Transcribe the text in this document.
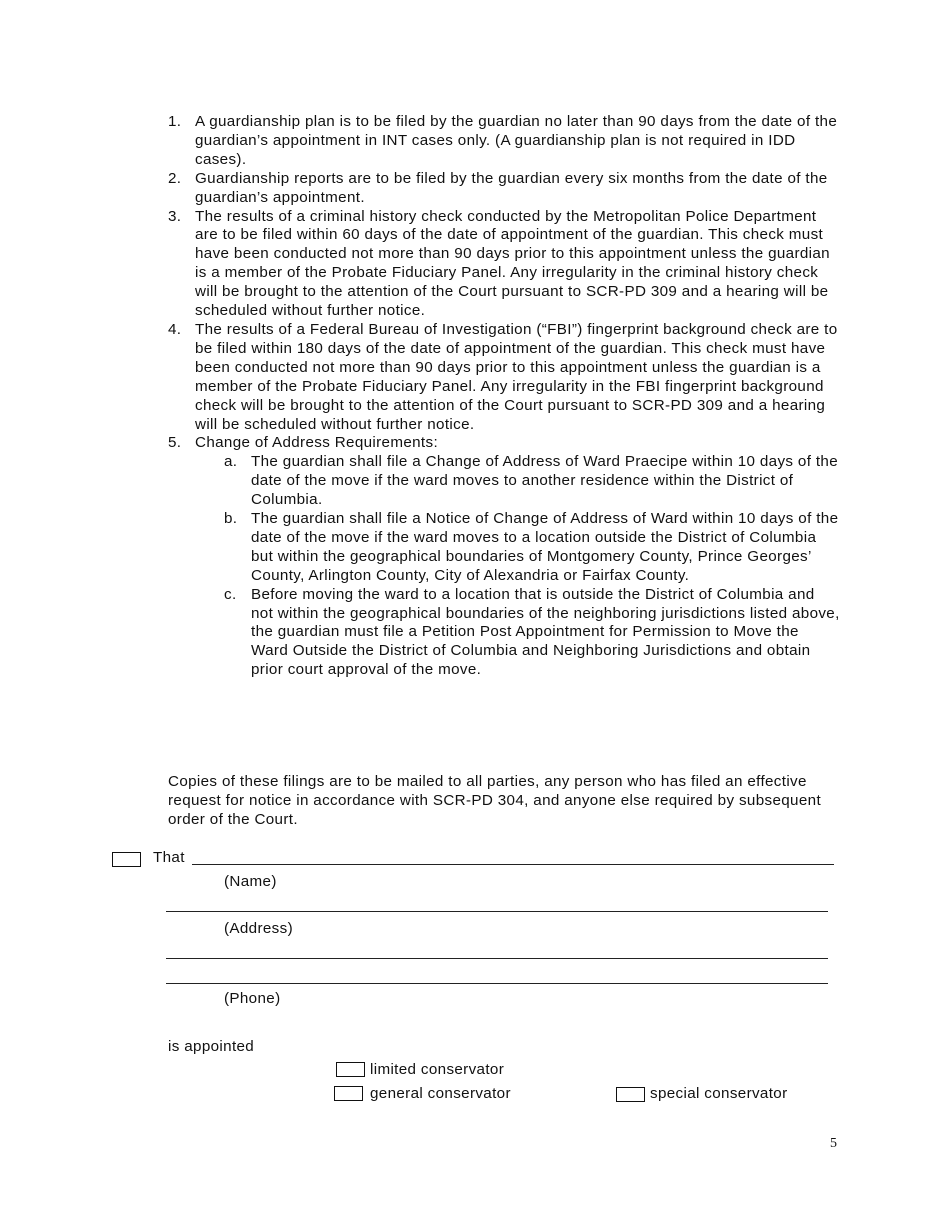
1. A guardianship plan is to be filed by the guardian no later than 90 days from the date of the guardian’s appointment in INT cases only. (A guardianship plan is not required in IDD cases).
2. Guardianship reports are to be filed by the guardian every six months from the date of the guardian’s appointment.
3. The results of a criminal history check conducted by the Metropolitan Police Department are to be filed within 60 days of the date of appointment of the guardian. This check must have been conducted not more than 90 days prior to this appointment unless the guardian is a member of the Probate Fiduciary Panel. Any irregularity in the criminal history check will be brought to the attention of the Court pursuant to SCR-PD 309 and a hearing will be scheduled without further notice.
4. The results of a Federal Bureau of Investigation (“FBI”) fingerprint background check are to be filed within 180 days of the date of appointment of the guardian. This check must have been conducted not more than 90 days prior to this appointment unless the guardian is a member of the Probate Fiduciary Panel. Any irregularity in the FBI fingerprint background check will be brought to the attention of the Court pursuant to SCR-PD 309 and a hearing will be scheduled without further notice.
5. Change of Address Requirements:
a. The guardian shall file a Change of Address of Ward Praecipe within 10 days of the date of the move if the ward moves to another residence within the District of Columbia.
b. The guardian shall file a Notice of Change of Address of Ward within 10 days of the date of the move if the ward moves to a location outside the District of Columbia but within the geographical boundaries of Montgomery County, Prince Georges’ County, Arlington County, City of Alexandria or Fairfax County.
c. Before moving the ward to a location that is outside the District of Columbia and not within the geographical boundaries of the neighboring jurisdictions listed above, the guardian must file a Petition Post Appointment for Permission to Move the Ward Outside the District of Columbia and Neighboring Jurisdictions and obtain prior court approval of the move.
Copies of these filings are to be mailed to all parties, any person who has filed an effective request for notice in accordance with SCR-PD 304, and anyone else required by subsequent order of the Court.
That
(Name)
(Address)
(Phone)
is appointed
limited conservator
general conservator	special conservator
5
